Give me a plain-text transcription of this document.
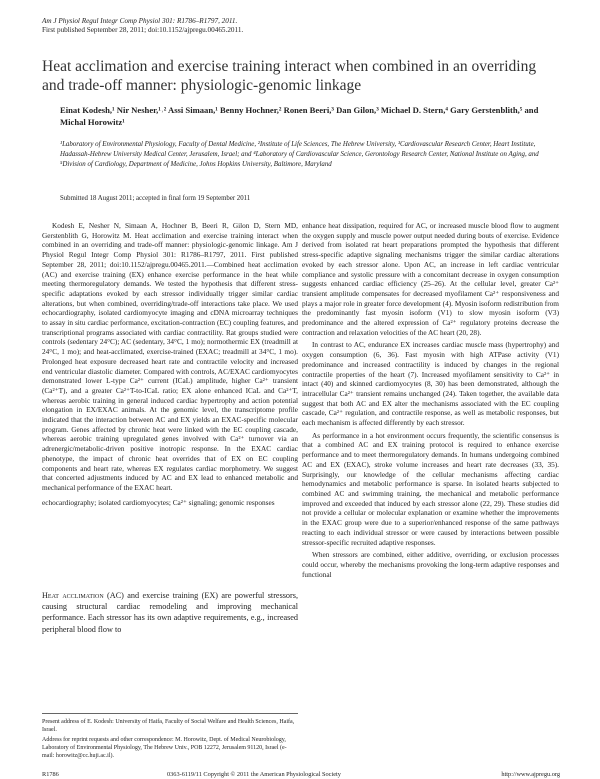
Am J Physiol Regul Integr Comp Physiol 301: R1786–R1797, 2011.
First published September 28, 2011; doi:10.1152/ajpregu.00465.2011.
Heat acclimation and exercise training interact when combined in an overriding and trade-off manner: physiologic-genomic linkage
Einat Kodesh,¹ Nir Nesher,¹˒² Assi Simaan,¹ Benny Hochner,² Ronen Beeri,³ Dan Gilon,³ Michael D. Stern,⁴ Gary Gerstenblith,⁵ and Michal Horowitz¹
¹Laboratory of Environmental Physiology, Faculty of Dental Medicine, ²Institute of Life Sciences, The Hebrew University, ³Cardiovascular Research Center, Heart Institute, Hadassah-Hebrew University Medical Center, Jerusalem, Israel; and ⁴Laboratory of Cardiovascular Science, Gerontology Research Center, National Institute on Aging, and ⁵Division of Cardiology, Department of Medicine, Johns Hopkins University, Baltimore, Maryland
Submitted 18 August 2011; accepted in final form 19 September 2011

Kodesh E, Nesher N, Simaan A, Hochner B, Beeri R, Gilon D, Stern MD, Gerstenblith G, Horowitz M. Heat acclimation and exercise training interact when combined in an overriding and trade-off manner: physiologic-genomic linkage. Am J Physiol Regul Integr Comp Physiol 301: R1786–R1797, 2011. First published September 28, 2011; doi:10.1152/ajpregu.00465.2011.—Combined heat acclimation (AC) and exercise training (EX) enhance exercise performance in the heat while meeting thermoregulatory demands. We tested the hypothesis that different stress-specific adaptations evoked by each stressor individually trigger similar cardiac alterations, but when combined, overriding/trade-off interactions take place. We used echocardiography, isolated cardiomyocyte imaging and cDNA microarray techniques to assay in situ cardiac performance, excitation-contraction (EC) coupling features, and transcriptional programs associated with cardiac contractility. Rat groups studied were controls (sedentary 24°C); AC (sedentary, 34°C, 1 mo); normothermic EX (treadmill at 24°C, 1 mo); and heat-acclimated, exercise-trained (EXAC; treadmill at 34°C, 1 mo). Prolonged heat exposure decreased heart rate and contractile velocity and increased end ventricular diastolic diameter. Compared with controls, AC/EXAC cardiomyocytes demonstrated lower L-type Ca²⁺ current (ICaL) amplitude, higher Ca²⁺ transient (Ca²⁺T), and a greater Ca²⁺T-to-ICaL ratio; EX alone enhanced ICaL and Ca²⁺T, whereas aerobic training in general induced cardiac hypertrophy and action potential elongation in EX/EXAC animals. At the genomic level, the transcriptome profile indicated that the interaction between AC and EX yields an EXAC-specific molecular program. Genes affected by chronic heat were linked with the EC coupling cascade, whereas aerobic training upregulated genes involved with Ca²⁺ turnover via an adrenergic/metabolic-driven positive inotropic response. In the EXAC cardiac phenotype, the impact of chronic heat overrides that of EX on EC coupling components and heart rate, whereas EX regulates cardiac morphometry. We suggest that concerted adjustments induced by AC and EX lead to enhanced metabolic and mechanical performance of the EXAC heart.

echocardiography; isolated cardiomyocytes; Ca²⁺ signaling; genomic responses

Heat acclimation (AC) and exercise training (EX) are powerful stressors, causing structural cardiac remodeling and improving mechanical performance. Each stressor has its own adaptive requirements, e.g., increased peripheral blood flow to

Present address of E. Kodesh: University of Haifa, Faculty of Social Welfare and Health Sciences, Haifa, Israel.

Address for reprint requests and other correspondence: M. Horowitz, Dept. of Medical Neurobiology, Laboratory of Environmental Physiology, The Hebrew Univ., POB 12272, Jerusalem 91120, Israel (e-mail: horowitz@cc.huji.ac.il).

enhance heat dissipation, required for AC, or increased muscle blood flow to augment the oxygen supply and muscle power output needed during bouts of exercise. Evidence derived from isolated rat heart preparations prompted the hypothesis that different stress-specific adaptive signaling mechanisms trigger the similar cardiac alterations evoked by each stressor alone. Upon AC, an increase in left cardiac ventricular compliance and systolic pressure with a concomitant decrease in oxygen consumption suggests enhanced cardiac efficiency (25–26). At the cellular level, greater Ca²⁺ transient amplitude compensates for decreased myofilament Ca²⁺ responsiveness and plays a major role in greater force development (4). Myosin isoform redistribution from the predominantly fast myosin isoform (V1) to slow myosin isoform (V3) predominance and the altered expression of Ca²⁺ regulatory proteins decrease the contraction and relaxation velocities of the AC heart (20, 28).

In contrast to AC, endurance EX increases cardiac muscle mass (hypertrophy) and oxygen consumption (6, 36). Fast myosin with high ATPase activity (V1) predominance and increased contractility is induced by changes in the regional contractile properties of the heart (7). Increased myofilament sensitivity to Ca²⁺ in intact (40) and skinned cardiomyocytes (8, 30) has been demonstrated, although the intracellular Ca²⁺ transient remains unchanged (24). Taken together, the available data suggest that both AC and EX alter the mechanisms associated with the EC coupling cascade, Ca²⁺ regulation, and contractile response, as well as metabolic responses, but each mechanism is affected differently by each stressor.

As performance in a hot environment occurs frequently, the scientific consensus is that a combined AC and EX training protocol is required to enhance exercise performance and to meet thermoregulatory demands. In humans undergoing combined AC and EX (EXAC), stroke volume increases and heart rate decreases (33, 35). Surprisingly, our knowledge of the cellular mechanisms affecting cardiac hemodynamics and metabolic performance is sparse. In isolated hearts subjected to combined AC and swimming training, the mechanical and metabolic performance improved and exceeded that induced by each stressor alone (22, 29). These studies did not provide a cellular or molecular explanation or examine whether the improvements in the EXAC group were due to a superior/enhanced response of the same pathways reacting to each individual stressor or were caused by interactions between possible stressor-specific recruited adaptive responses.

When stressors are combined, either additive, overriding, or exclusion processes could occur, whereby the mechanisms provoking the long-term adaptive responses and functional

R1786	0363-6119/11 Copyright © 2011 the American Physiological Society	http://www.ajpregu.org
